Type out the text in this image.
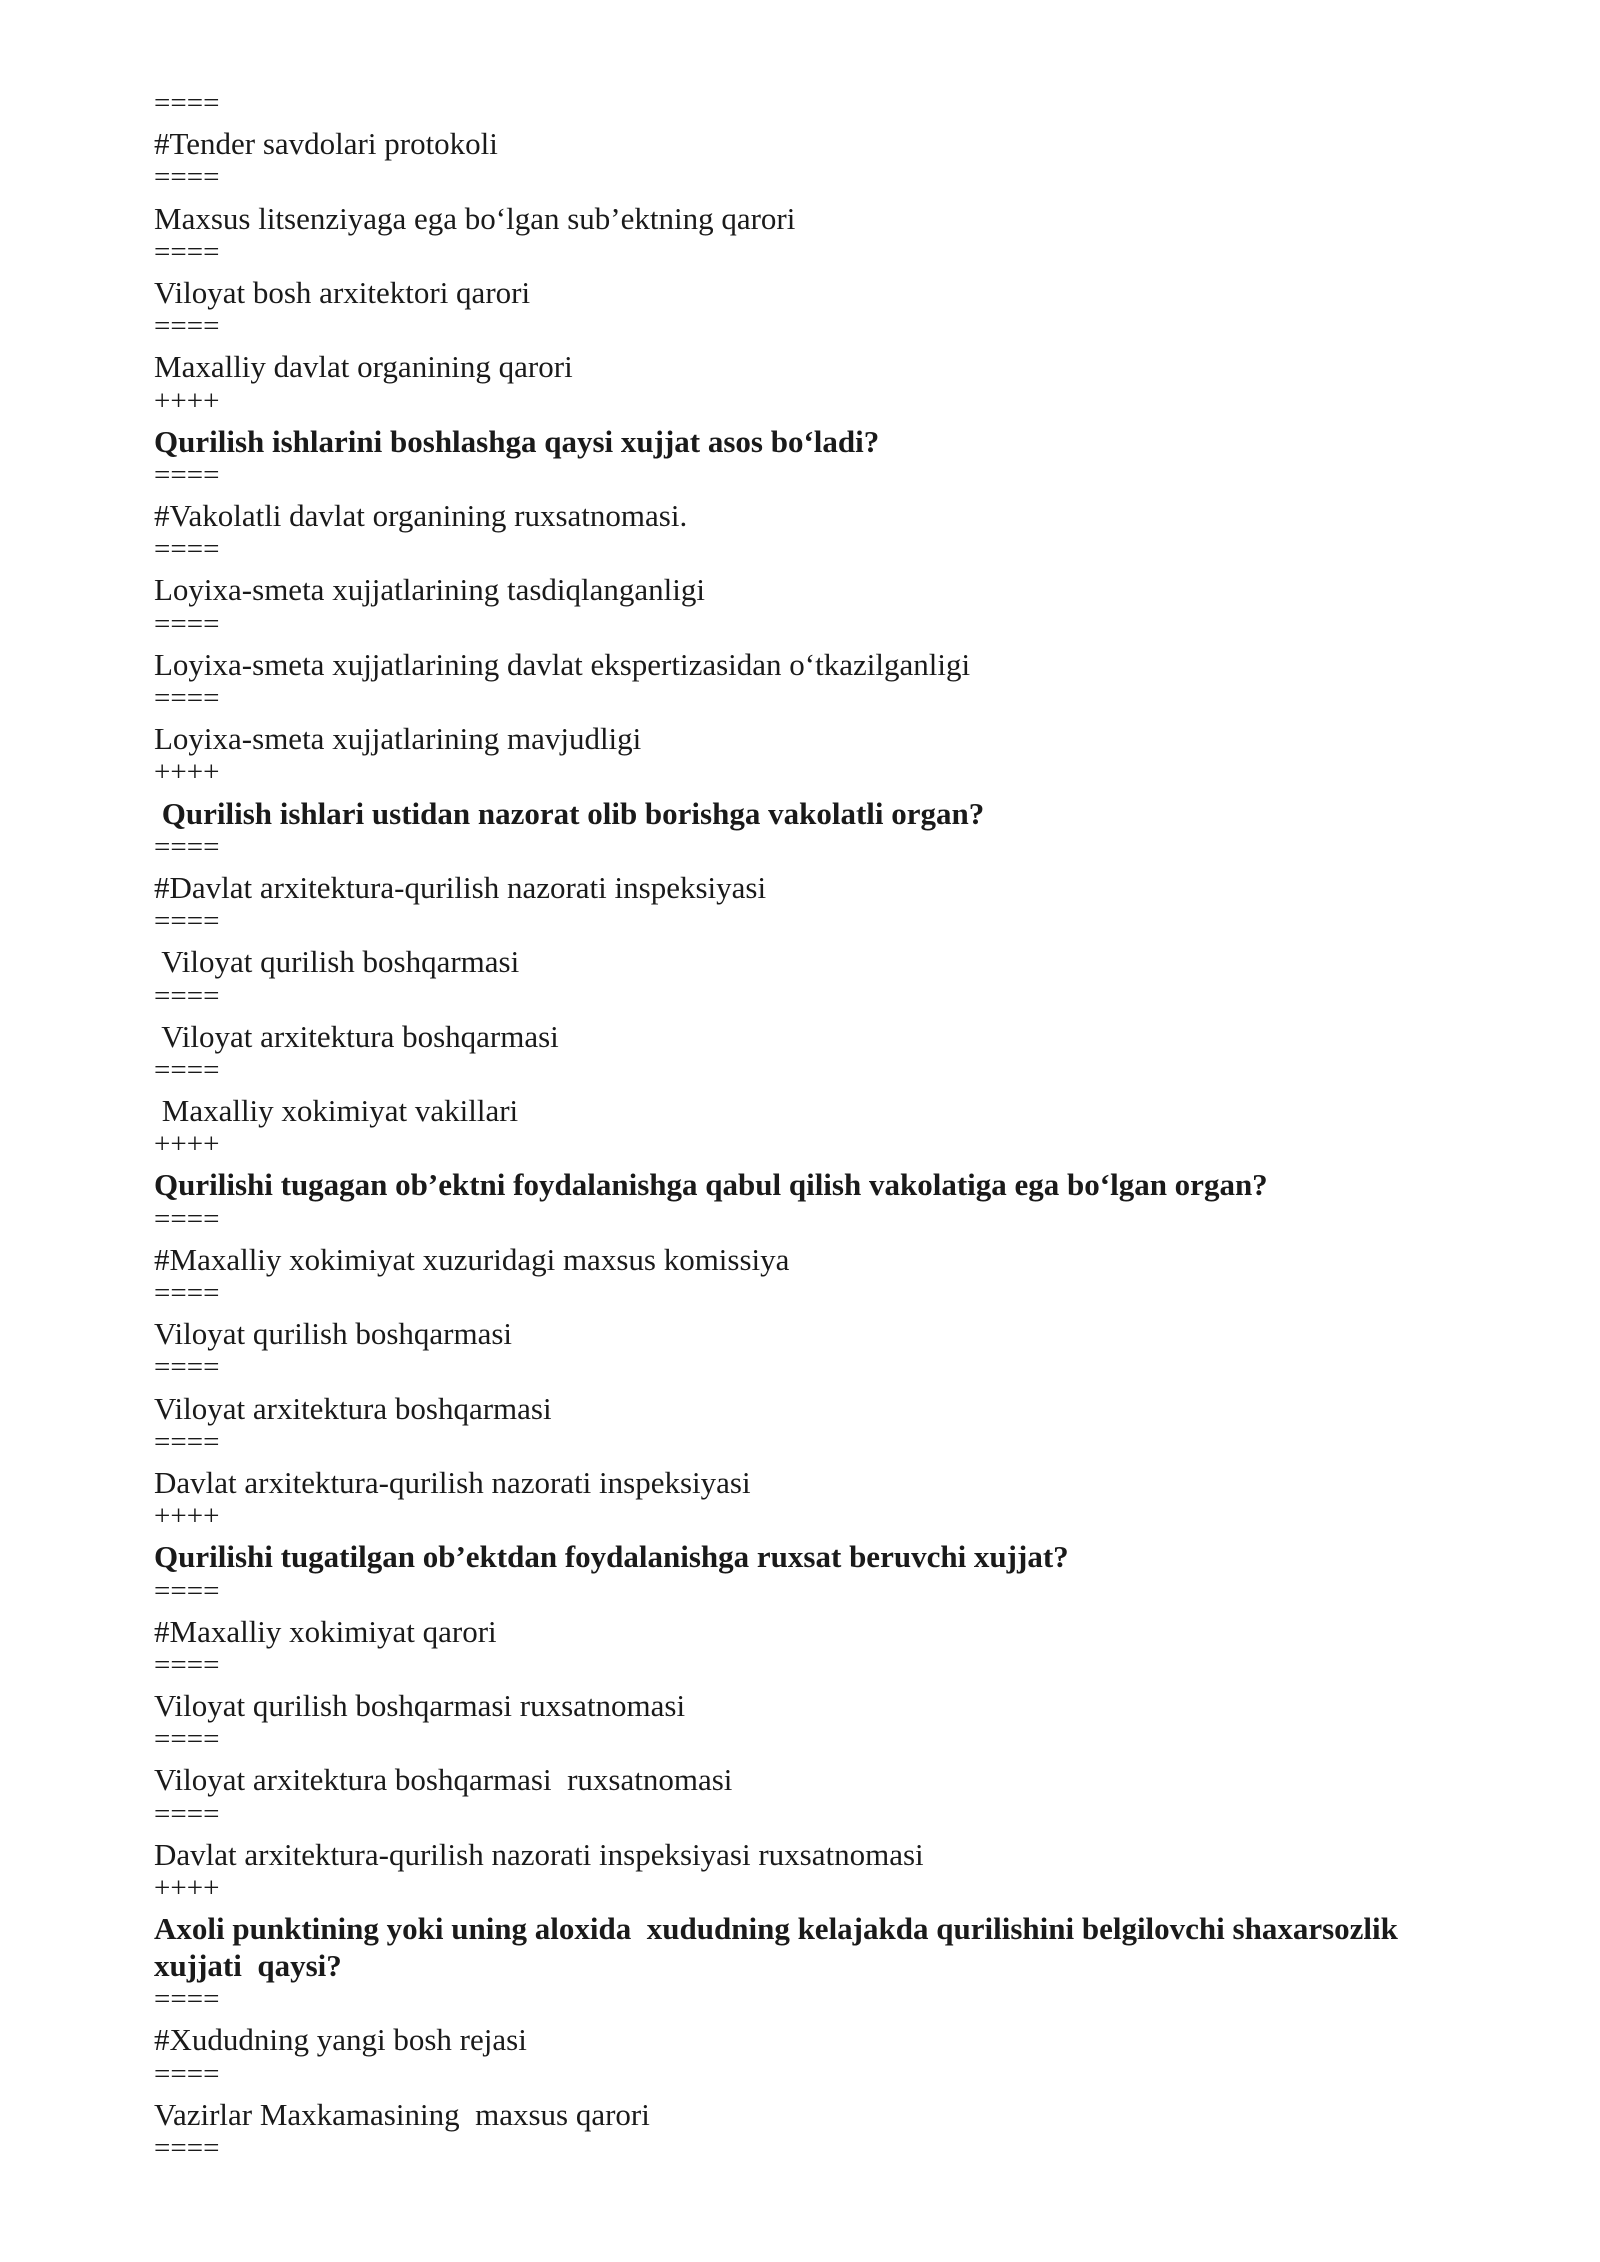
====
#Tender savdolari protokoli
====
Maxsus litsenziyaga ega bo‘lgan sub’ektning qarori
====
Viloyat bosh arxitektori qarori
====
Maxalliy davlat organining qarori
++++
Qurilish ishlarini boshlashga qaysi xujjat asos bo‘ladi?
====
#Vakolatli davlat organining ruxsatnomasi.
====
Loyixa-smeta xujjatlarining tasdiqlanganligi
====
Loyixa-smeta xujjatlarining davlat ekspertizasidan o‘tkazilganligi
====
Loyixa-smeta xujjatlarining mavjudligi
++++
Qurilish ishlari ustidan nazorat olib borishga vakolatli organ?
====
#Davlat arxitektura-qurilish nazorati inspeksiyasi
====
Viloyat qurilish boshqarmasi
====
Viloyat arxitektura boshqarmasi
====
Maxalliy xokimiyat vakillari
++++
Qurilishi tugagan ob’ektni foydalanishga qabul qilish vakolatiga ega bo‘lgan organ?
====
#Maxalliy xokimiyat xuzuridagi maxsus komissiya
====
Viloyat qurilish boshqarmasi
====
Viloyat arxitektura boshqarmasi
====
Davlat arxitektura-qurilish nazorati inspeksiyasi
++++
Qurilishi tugatilgan ob’ektdan foydalanishga ruxsat beruvchi xujjat?
====
#Maxalliy xokimiyat qarori
====
Viloyat qurilish boshqarmasi ruxsatnomasi
====
Viloyat arxitektura boshqarmasi  ruxsatnomasi
====
Davlat arxitektura-qurilish nazorati inspeksiyasi ruxsatnomasi
++++
Axoli punktining yoki uning aloxida  xududning kelajakda qurilishini belgilovchi shaxarsozlik
xujjati  qaysi?
====
#Xududning yangi bosh rejasi
====
Vazirlar Maxkamasining  maxsus qarori
====
